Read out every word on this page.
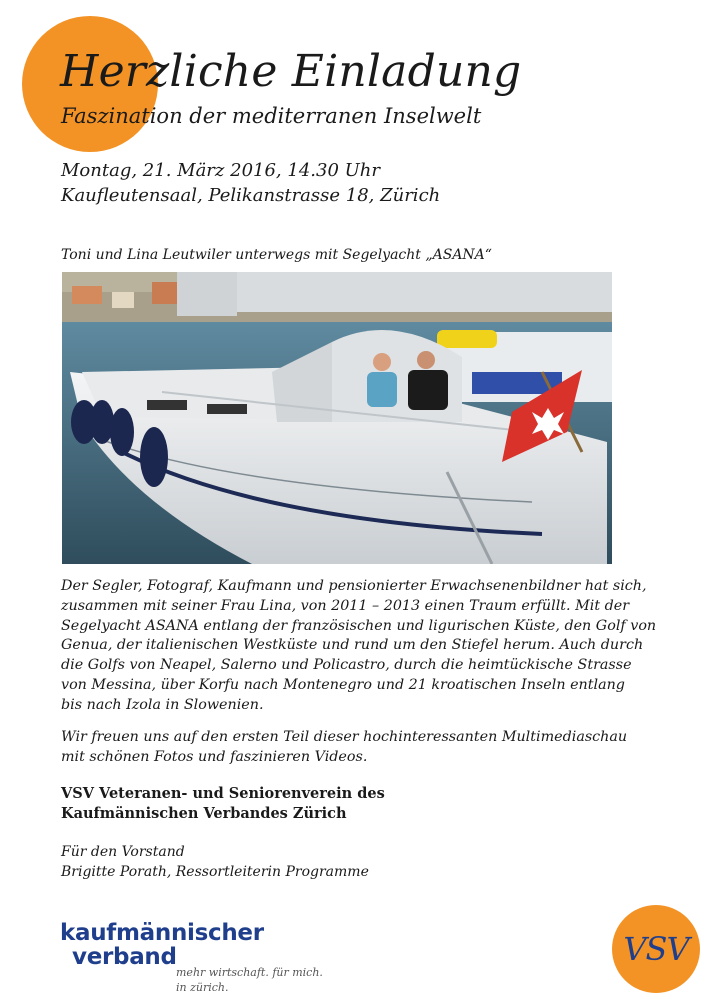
Herzliche Einladung
Faszination der mediterranen Inselwelt
Montag, 21. März 2016, 14.30 Uhr
Kaufleutensaal, Pelikanstrasse 18, Zürich
Toni und Lina Leutwiler unterwegs mit Segelyacht „ASANA“
Der Segler, Fotograf, Kaufmann und pensionierter Erwachsenenbildner hat sich,
zusammen mit seiner Frau Lina, von 2011 – 2013 einen Traum erfüllt. Mit der
Segelyacht ASANA entlang der französischen und ligurischen Küste, den Golf von
Genua, der italienischen Westküste und rund um den Stiefel herum. Auch durch
die Golfs von Neapel, Salerno und Policastro, durch die heimtückische Strasse
von Messina, über Korfu nach Montenegro und 21 kroatischen Inseln entlang
bis nach Izola in Slowenien.
Wir freuen uns auf den ersten Teil dieser hochinteressanten Multimediaschau
mit schönen Fotos und faszinieren Videos.
VSV Veteranen- und Seniorenverein des
Kaufmännischen Verbandes Zürich
Für den Vorstand
Brigitte Porath, Ressortleiterin Programme
kaufmännischer
verband
mehr wirtschaft. für mich.
in zürich.
VSV
